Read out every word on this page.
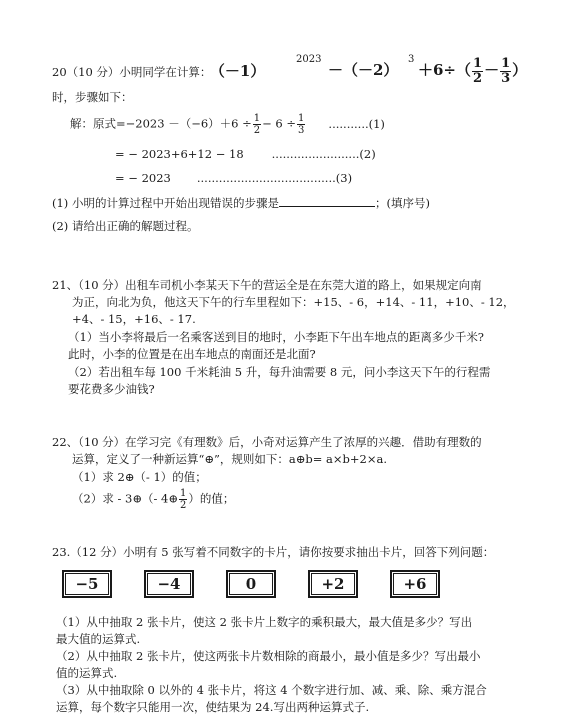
20（10 分）小明同学在计算： （－1）
2023
－（－2）
3
$+6\div( \frac{1}{2} - \frac{1}{3}$ ）
时，步骤如下：
解：原式$=-2023 -(-6)+6 \div \frac{1}{2} - 6 \div \frac{1}{3} ...........(1)$
= − 2023+6+12 − 18 ........................(2)
= − 2023 ......................................(3)
(1) 小明的计算过程中开始出现错误的步骤是	；(填序号)
(2) 请给出正确的解题过程。
21、（10 分）出租车司机小李某天下午的营运全是在东莞大道的路上，如果规定向南
为正，向北为负，他这天下午的行车里程如下：+15、- 6，+14、- 11，+10、- 12，
+4、- 15，+16、- 17.
（1）当小李将最后一名乘客送到目的地时，小李距下午出车地点的距离多少千米?
此时，小李的位置是在出车地点的南面还是北面?
（2）若出租车每 100 千米耗油 5 升，每升油需要 8 元，问小李这天下午的行程需
要花费多少油钱?
22、（10 分）在学习完《有理数》后，小奇对运算产生了浓厚的兴趣．借助有理数的
运算，定义了一种新运算“⊕”，规则如下：a⊕b= a×b+2×a.
（1）求 2⊕（- 1）的值；
（2）求 - 3⊕（- 4⊕ $\frac{1}{2}$ ）的值；
23.（12 分）小明有 5 张写着不同数字的卡片，请你按要求抽出卡片，回答下列问题：
−5	−4	0	+2	+6
（1）从中抽取 2 张卡片，使这 2 张卡片上数字的乘积最大，最大值是多少？写出
最大值的运算式.
（2）从中抽取 2 张卡片，使这两张卡片数相除的商最小，最小值是多少？写出最小
值的运算式.
（3）从中抽取除 0 以外的 4 张卡片，将这 4 个数字进行加、减、乘、除、乘方混合
运算，每个数字只能用一次，使结果为 24.写出两种运算式子.
